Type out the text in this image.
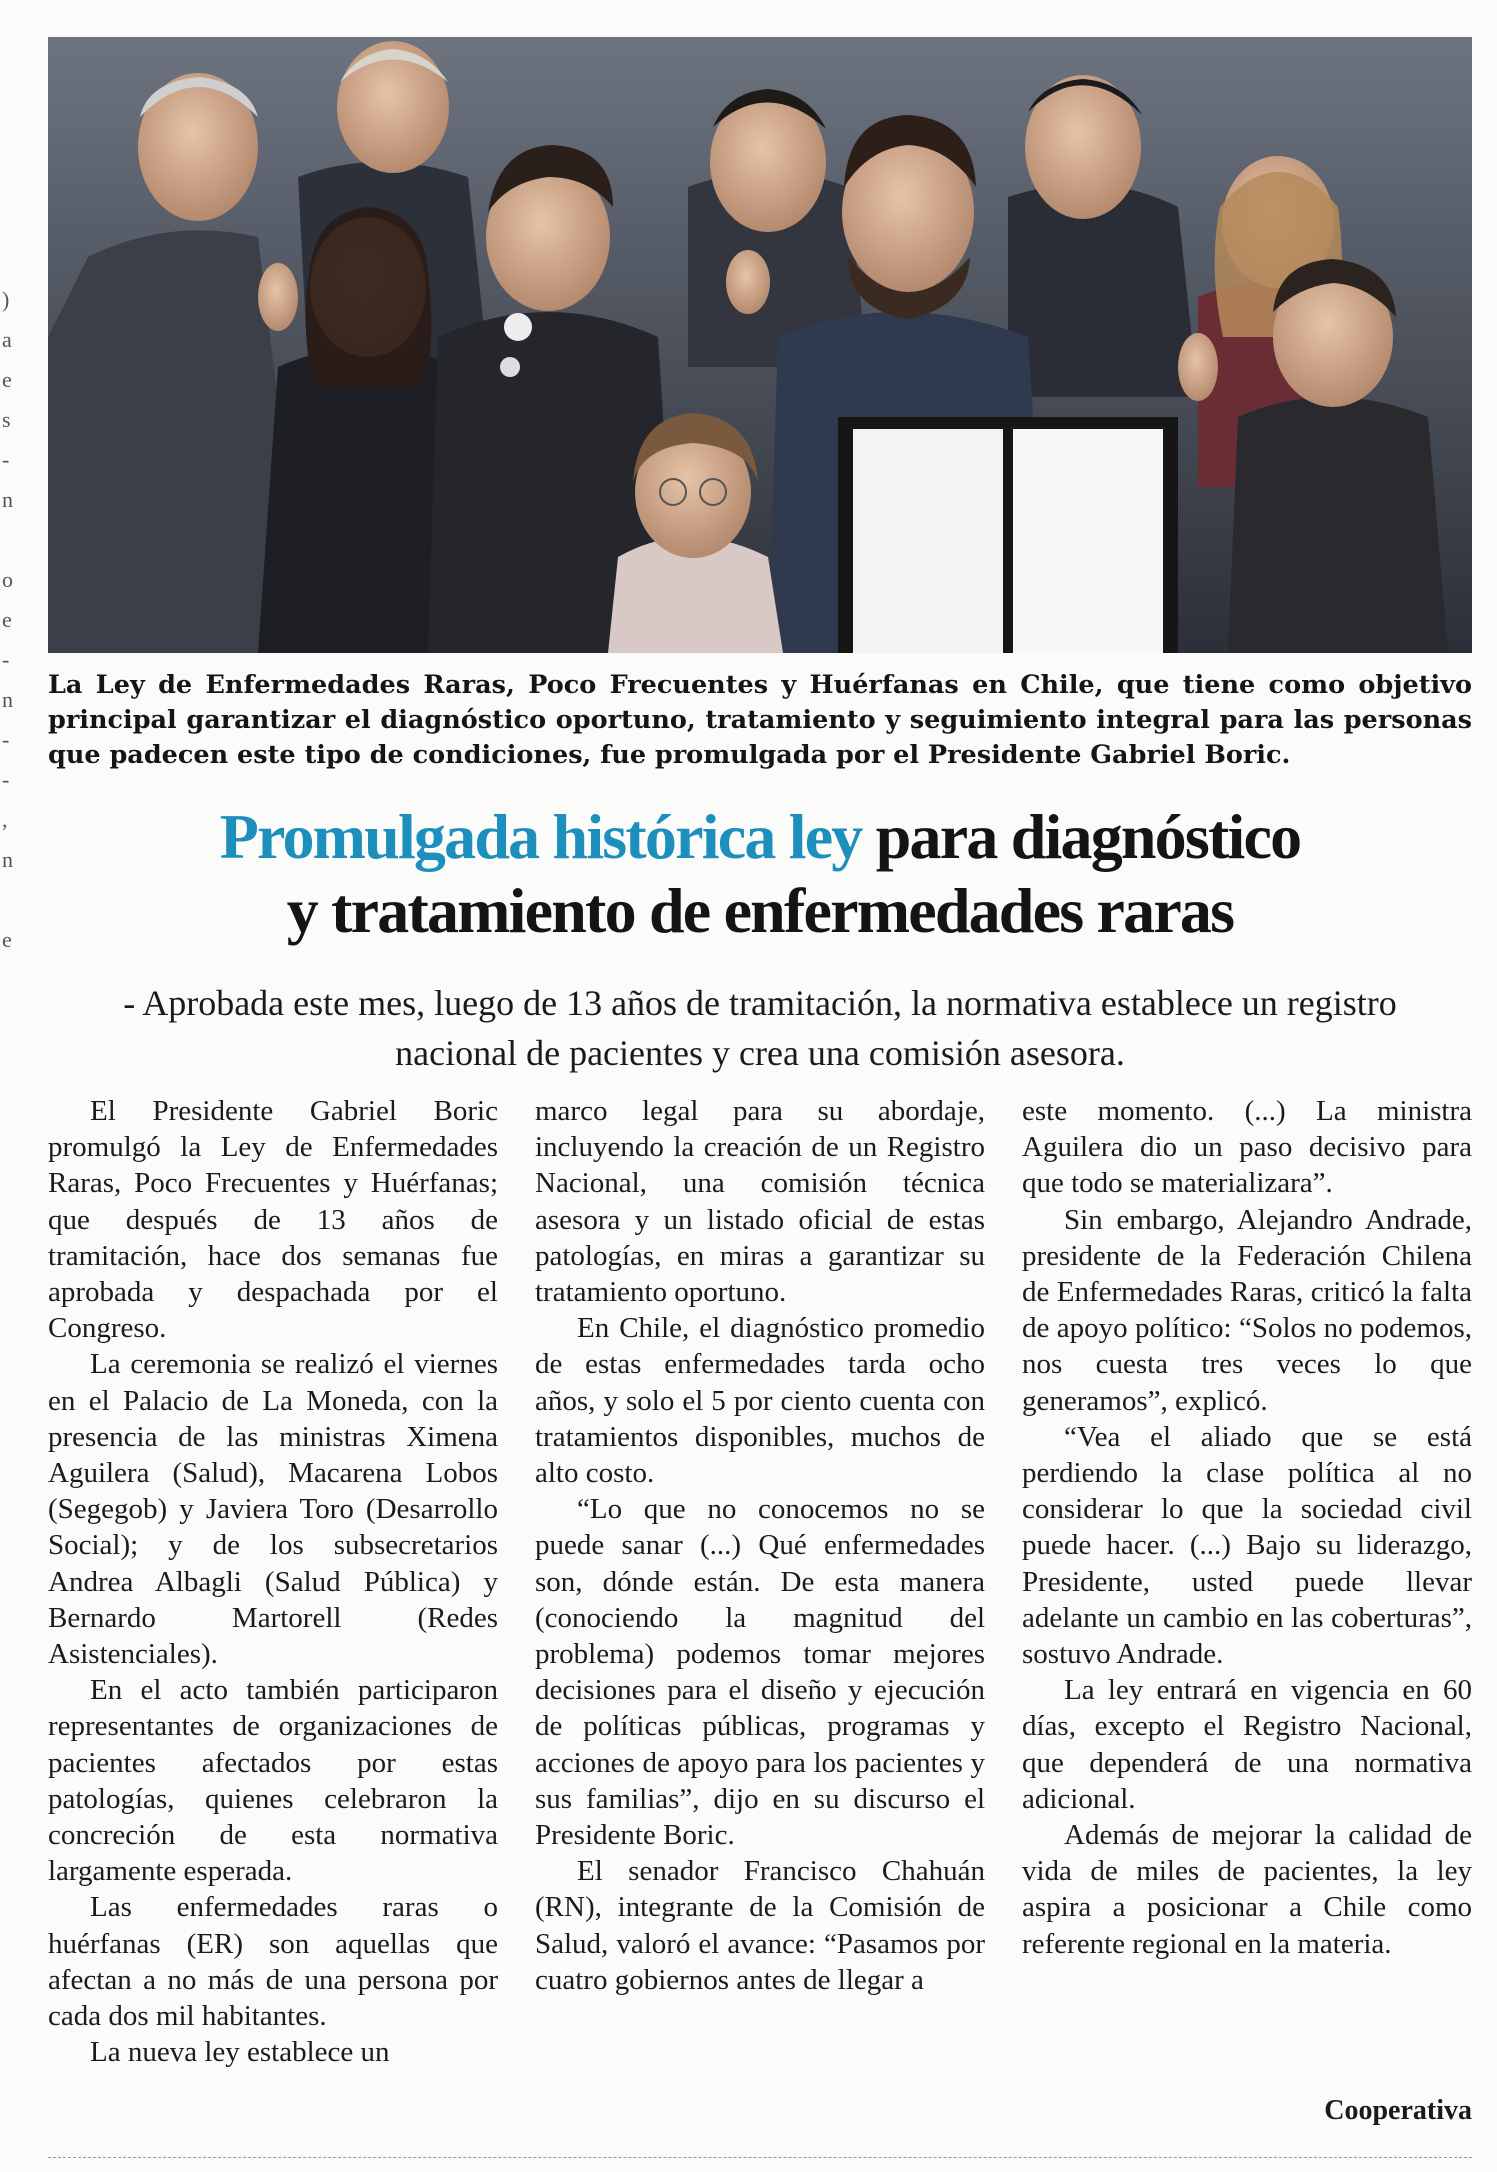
)
a
e
s
-
n
o
e
-
n
-
-
,
n
e
La Ley de Enfermedades Raras, Poco Frecuentes y Huérfanas en Chile, que tiene como objetivo principal garantizar el diagnóstico oportuno, tratamiento y seguimiento integral para las personas que padecen este tipo de condiciones, fue promulgada por el Presidente Gabriel Boric.
Promulgada histórica ley para diagnóstico
y tratamiento de enfermedades raras
- Aprobada este mes, luego de 13 años de tramitación, la normativa establece un registro nacional de pacientes y crea una comisión asesora.

El Presidente Gabriel Boric promulgó la Ley de Enfermedades Raras, Poco Frecuentes y Huérfanas; que después de 13 años de tramitación, hace dos semanas fue aprobada y despachada por el Congreso.

La ceremonia se realizó el viernes en el Palacio de La Moneda, con la presencia de las ministras Ximena Aguilera (Salud), Macarena Lobos (Segegob) y Javiera Toro (Desarrollo Social); y de los subsecretarios Andrea Albagli (Salud Pública) y Bernardo Martorell (Redes Asistenciales).

En el acto también participaron representantes de organizaciones de pacientes afectados por estas patologías, quienes celebraron la concreción de esta normativa largamente esperada.

Las enfermedades raras o huérfanas (ER) son aquellas que afectan a no más de una persona por cada dos mil habitantes.

La nueva ley establece un

marco legal para su abordaje, incluyendo la creación de un Registro Nacional, una comisión técnica asesora y un listado oficial de estas patologías, en miras a garantizar su tratamiento oportuno.

En Chile, el diagnóstico promedio de estas enfermedades tarda ocho años, y solo el 5 por ciento cuenta con tratamientos disponibles, muchos de alto costo.

“Lo que no conocemos no se puede sanar (...) Qué enfermedades son, dónde están. De esta manera (conociendo la magnitud del problema) podemos tomar mejores decisiones para el diseño y ejecución de políticas públicas, programas y acciones de apoyo para los pacientes y sus familias”, dijo en su discurso el Presidente Boric.

El senador Francisco Chahuán (RN), integrante de la Comisión de Salud, valoró el avance: “Pasamos por cuatro gobiernos antes de llegar a

este momento. (...) La ministra Aguilera dio un paso decisivo para que todo se materializara”.

Sin embargo, Alejandro Andrade, presidente de la Federación Chilena de Enfermedades Raras, criticó la falta de apoyo político: “Solos no podemos, nos cuesta tres veces lo que generamos”, explicó.

“Vea el aliado que se está perdiendo la clase política al no considerar lo que la sociedad civil puede hacer. (...) Bajo su liderazgo, Presidente, usted puede llevar adelante un cambio en las coberturas”, sostuvo Andrade.

La ley entrará en vigencia en 60 días, excepto el Registro Nacional, que dependerá de una normativa adicional.

Además de mejorar la calidad de vida de miles de pacientes, la ley aspira a posicionar a Chile como referente regional en la materia.

Cooperativa
